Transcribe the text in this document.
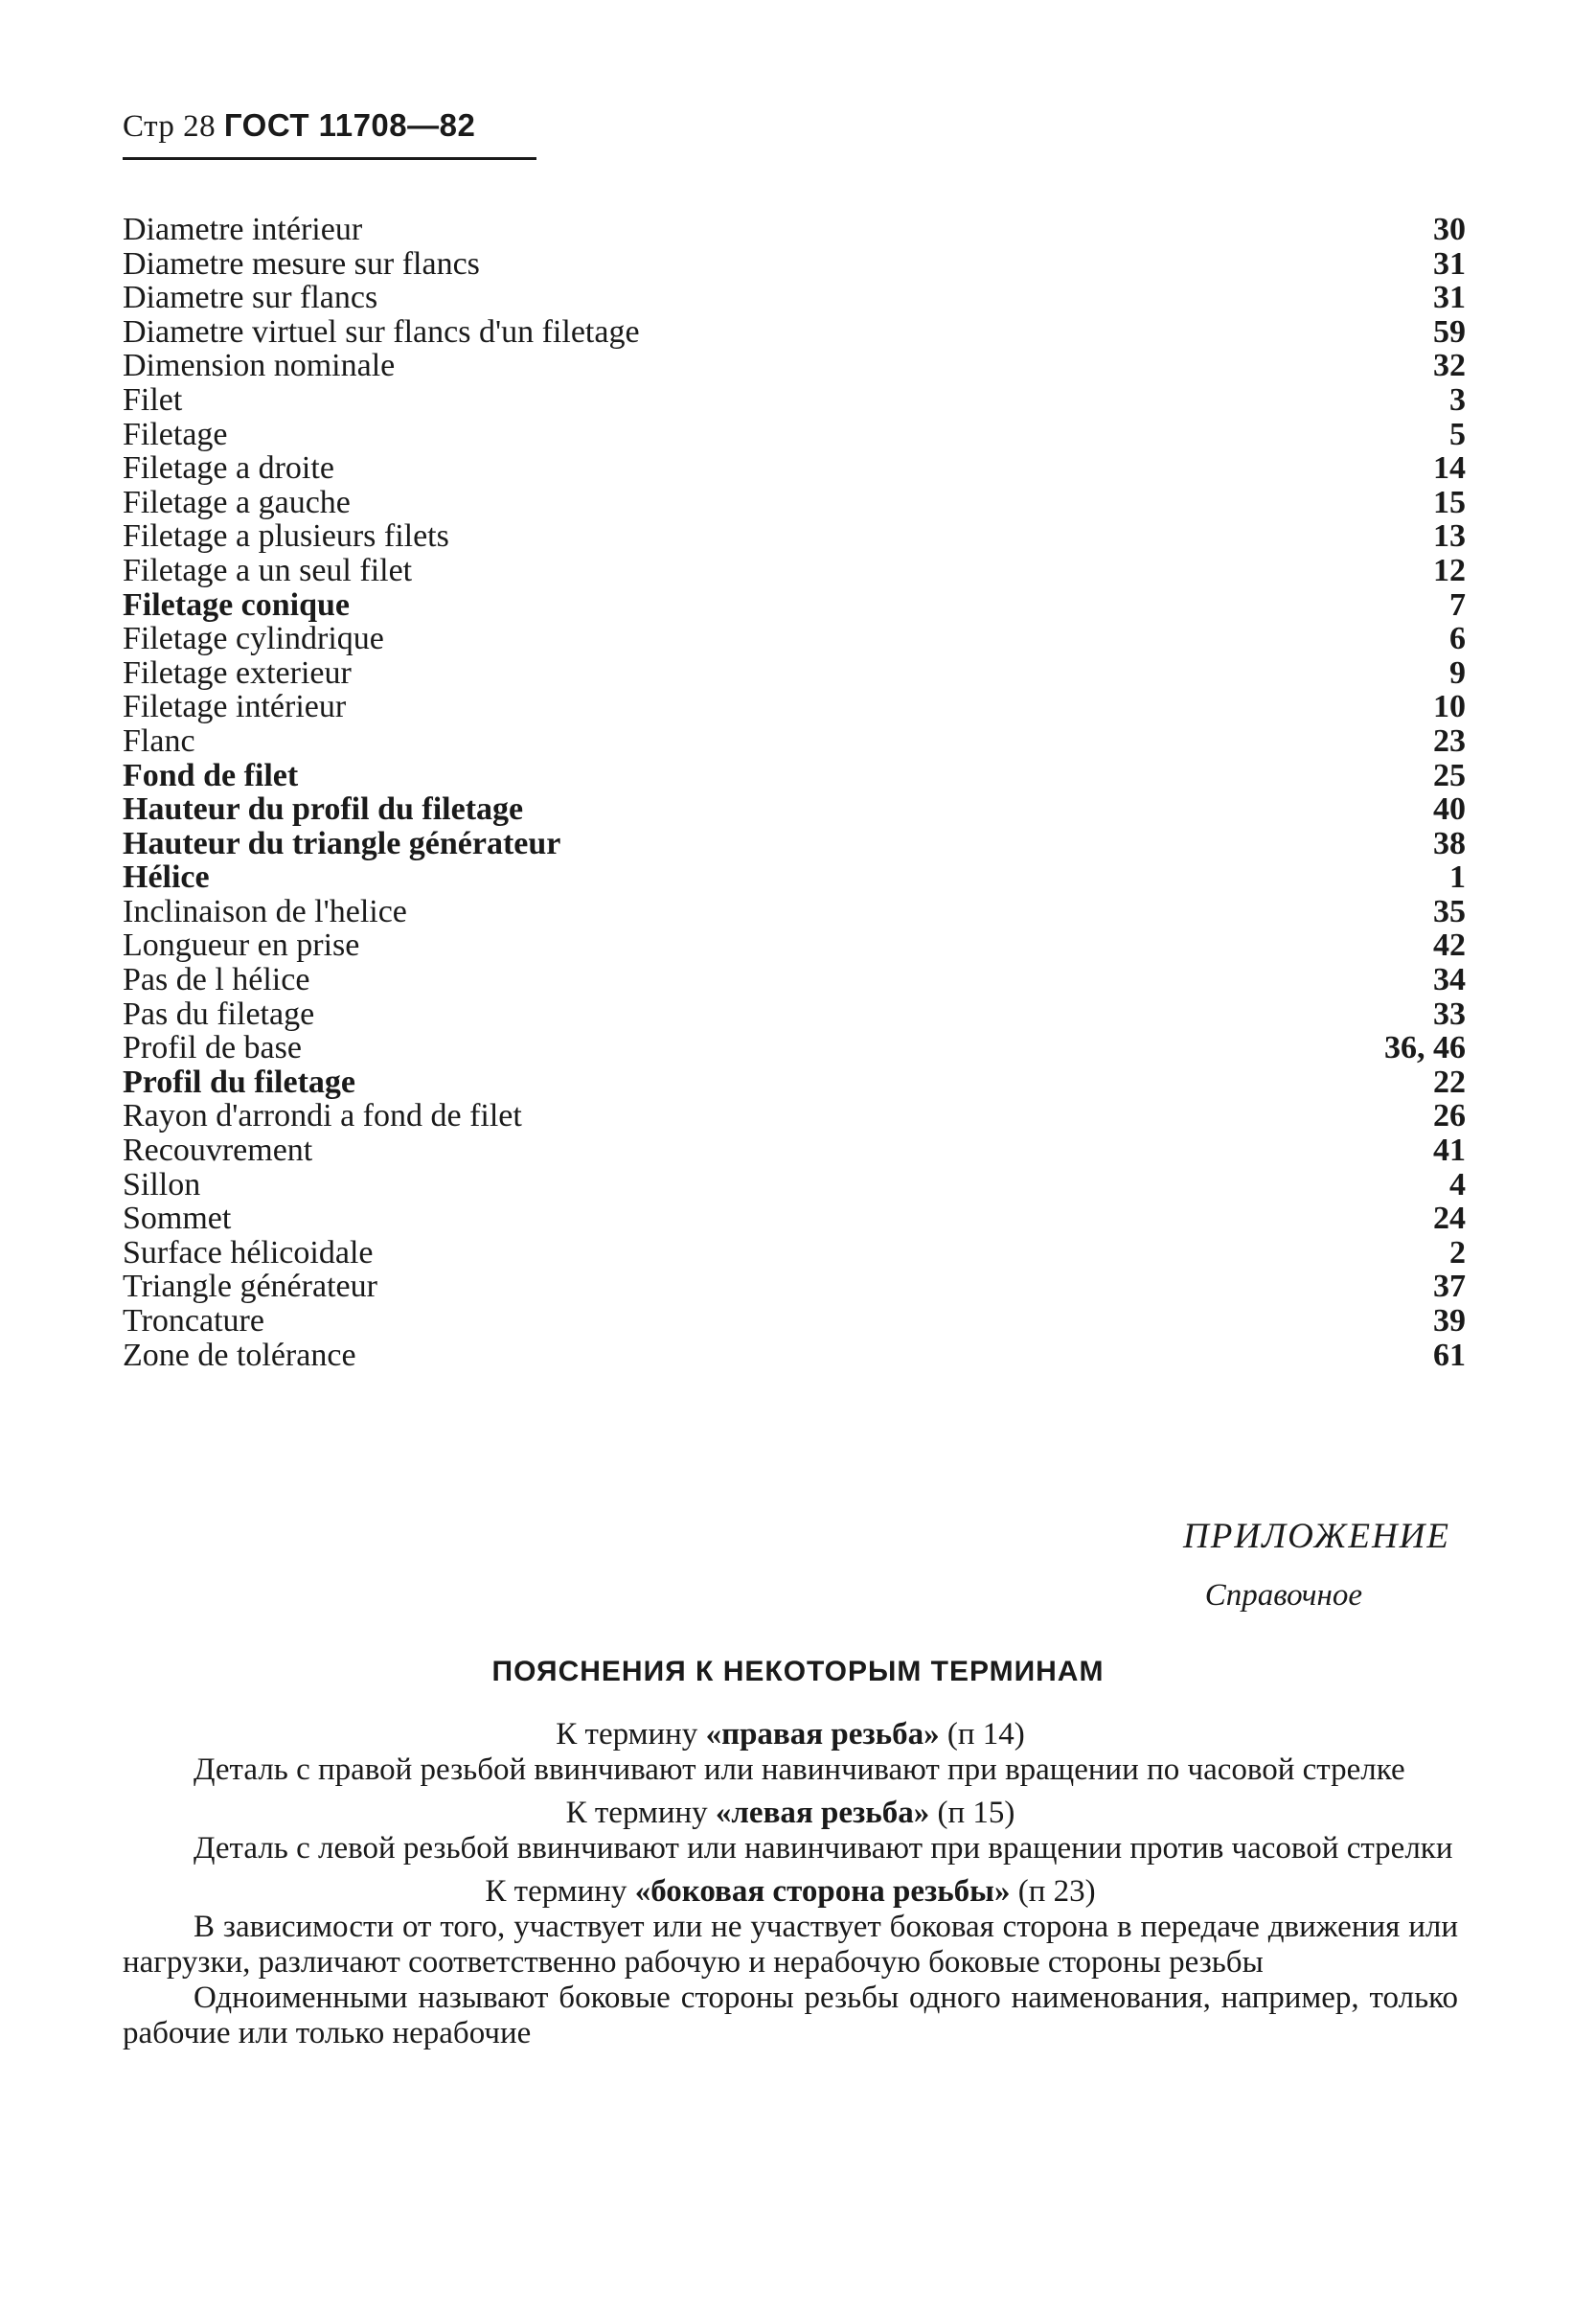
Стр 28 ГОСТ 11708—82
Diametre intérieur	30
Diametre mesure sur flancs	31
Diametre sur flancs	31
Diametre virtuel sur flancs d'un filetage	59
Dimension nominale	32
Filet	3
Filetage	5
Filetage a droite	14
Filetage a gauche	15
Filetage a plusieurs filets	13
Filetage a un seul filet	12
Filetage conique	7
Filetage cylindrique	6
Filetage exterieur	9
Filetage intérieur	10
Flanc	23
Fond de filet	25
Hauteur du profil du filetage	40
Hauteur du triangle générateur	38
Hélice	1
Inclinaison de l'helice	35
Longueur en prise	42
Pas de l hélice	34
Pas du filetage	33
Profil de base	36, 46
Profil du filetage	22
Rayon d'arrondi a fond de filet	26
Recouvrement	41
Sillon	4
Sommet	24
Surface hélicoidale	2
Triangle générateur	37
Troncature	39
Zone de tolérance	61
ПРИЛОЖЕНИЕ
Справочное
ПОЯСНЕНИЯ К НЕКОТОРЫМ ТЕРМИНАМ
К термину «правая резьба» (п 14)

Деталь с правой резьбой ввинчивают или навинчивают при вращении по часовой стрелке

К термину «левая резьба» (п 15)

Деталь с левой резьбой ввинчивают или навинчивают при вращении против часовой стрелки

К термину «боковая сторона резьбы» (п 23)

В зависимости от того, участвует или не участвует боковая сторона в передаче движения или нагрузки, различают соответственно рабочую и нерабочую боковые стороны резьбы

Одноименными называют боковые стороны резьбы одного наименования, например, только рабочие или только нерабочие
